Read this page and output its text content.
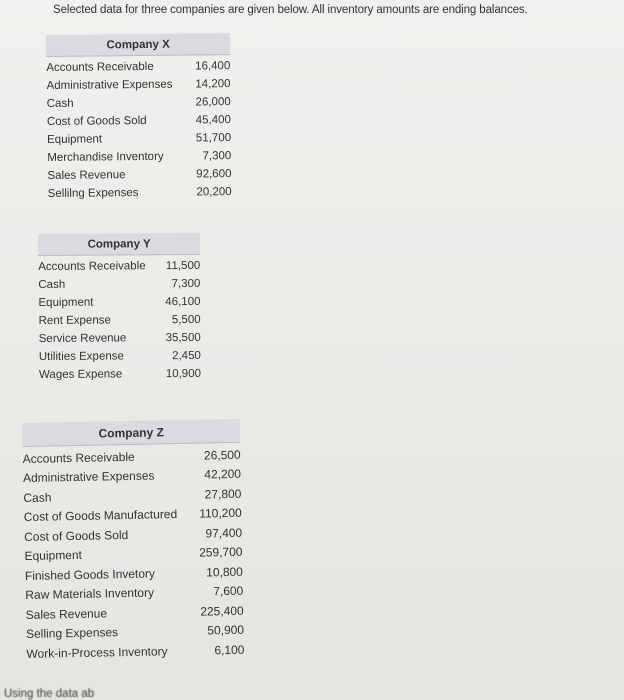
Selected data for three companies are given below. All inventory amounts are ending balances.
Company X
Accounts Receivable	16,400
Administrative Expenses	14,200
Cash	26,000
Cost of Goods Sold	45,400
Equipment	51,700
Merchandise Inventory	7,300
Sales Revenue	92,600
Sellilng Expenses	20,200
Company Y
Accounts Receivable	11,500
Cash	7,300
Equipment	46,100
Rent Expense	5,500
Service Revenue	35,500
Utilities Expense	2,450
Wages Expense	10,900
Company Z
Accounts Receivable	26,500
Administrative Expenses	42,200
Cash	27,800
Cost of Goods Manufactured	110,200
Cost of Goods Sold	97,400
Equipment	259,700
Finished Goods Invetory	10,800
Raw Materials Inventory	7,600
Sales Revenue	225,400
Selling Expenses	50,900
Work-in-Process Inventory	6,100
Using the data ab
